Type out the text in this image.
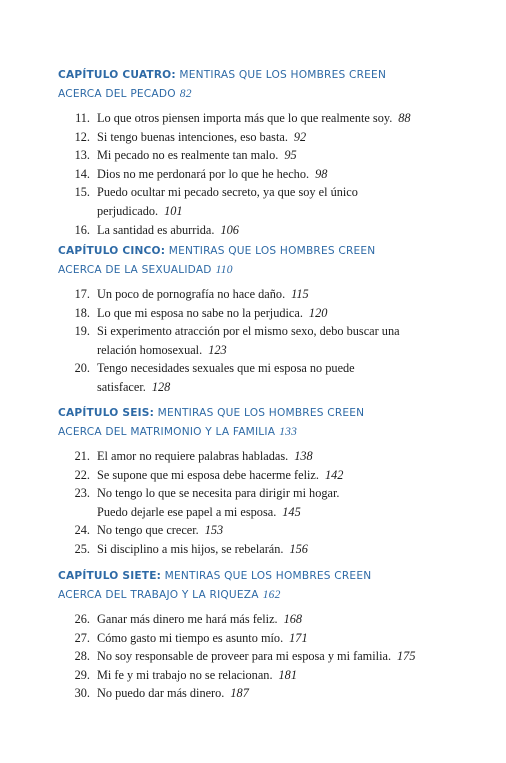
CAPÍTULO CUATRO: MENTIRAS QUE LOS HOMBRES CREEN
ACERCA DEL PECADO 82
11. Lo que otros piensen importa más que lo que realmente soy. 88
12. Si tengo buenas intenciones, eso basta. 92
13. Mi pecado no es realmente tan malo. 95
14. Dios no me perdonará por lo que he hecho. 98
15. Puedo ocultar mi pecado secreto, ya que soy el único
perjudicado. 101
16. La santidad es aburrida. 106
CAPÍTULO CINCO: MENTIRAS QUE LOS HOMBRES CREEN
ACERCA DE LA SEXUALIDAD 110
17. Un poco de pornografía no hace daño. 115
18. Lo que mi esposa no sabe no la perjudica. 120
19. Si experimento atracción por el mismo sexo, debo buscar una
relación homosexual. 123
20. Tengo necesidades sexuales que mi esposa no puede
satisfacer. 128
CAPÍTULO SEIS: MENTIRAS QUE LOS HOMBRES CREEN
ACERCA DEL MATRIMONIO Y LA FAMILIA 133
21. El amor no requiere palabras habladas. 138
22. Se supone que mi esposa debe hacerme feliz. 142
23. No tengo lo que se necesita para dirigir mi hogar.
Puedo dejarle ese papel a mi esposa. 145
24. No tengo que crecer. 153
25. Si disciplino a mis hijos, se rebelarán. 156
CAPÍTULO SIETE: MENTIRAS QUE LOS HOMBRES CREEN
ACERCA DEL TRABAJO Y LA RIQUEZA 162
26. Ganar más dinero me hará más feliz. 168
27. Cómo gasto mi tiempo es asunto mío. 171
28. No soy responsable de proveer para mi esposa y mi familia. 175
29. Mi fe y mi trabajo no se relacionan. 181
30. No puedo dar más dinero. 187
